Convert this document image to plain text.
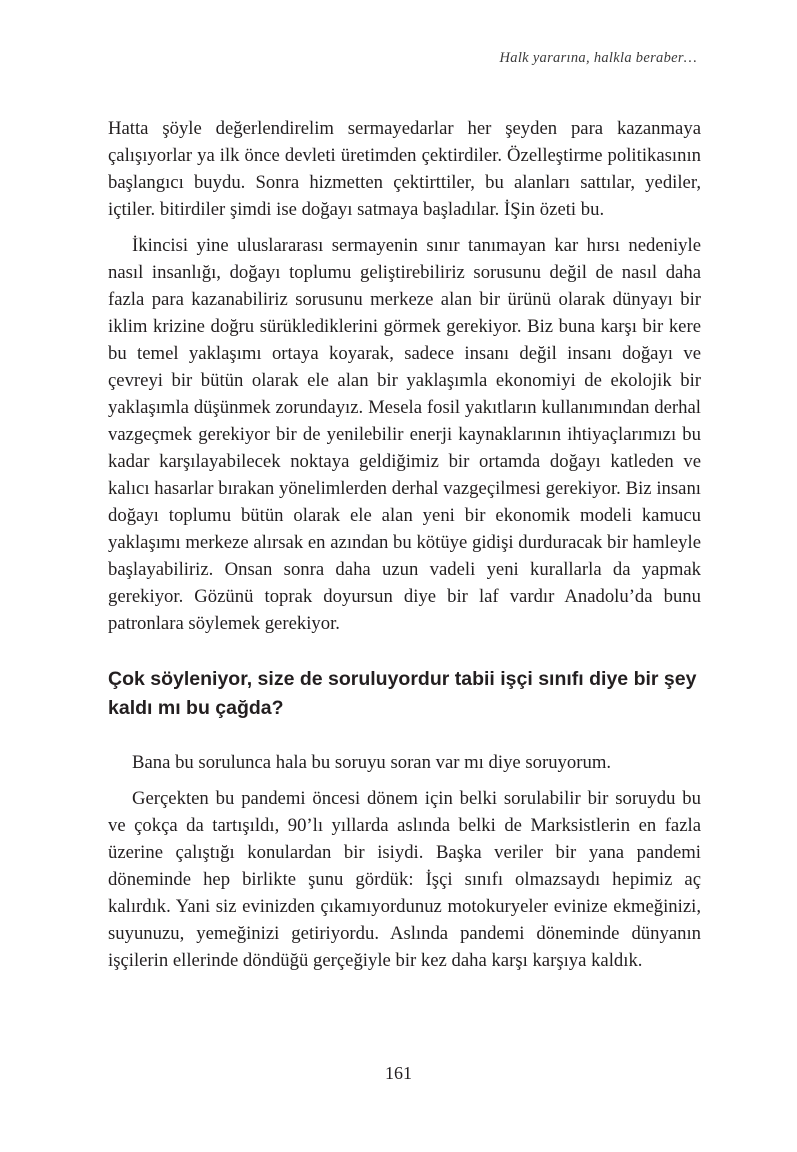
Halk yararına, halkla beraber…

Hatta şöyle değerlendirelim sermayedarlar her şeyden para kazanmaya çalışıyorlar ya ilk önce devleti üretimden çektirdiler. Özelleştirme politikasının başlangıcı buydu. Sonra hizmetten çektirttiler, bu alanları sattılar, yediler, içtiler. bitirdiler şimdi ise doğayı satmaya başladılar. İŞin özeti bu.

İkincisi yine uluslararası sermayenin sınır tanımayan kar hırsı nedeniyle nasıl insanlığı, doğayı toplumu geliştirebiliriz sorusunu değil de nasıl daha fazla para kazanabiliriz sorusunu merkeze alan bir ürünü olarak dünyayı bir iklim krizine doğru sürüklediklerini görmek gerekiyor. Biz buna karşı bir kere bu temel yaklaşımı ortaya koyarak, sadece insanı değil insanı doğayı ve çevreyi bir bütün olarak ele alan bir yaklaşımla ekonomiyi de ekolojik bir yaklaşımla düşünmek zorundayız. Mesela fosil yakıtların kullanımından derhal vazgeçmek gerekiyor bir de yenilebilir enerji kaynaklarının ihtiyaçlarımızı bu kadar karşılayabilecek noktaya geldiğimiz bir ortamda doğayı katleden ve kalıcı hasarlar bırakan yönelimlerden derhal vazgeçilmesi gerekiyor. Biz insanı doğayı toplumu bütün olarak ele alan yeni bir ekonomik modeli kamucu yaklaşımı merkeze alırsak en azından bu kötüye gidişi durduracak bir hamleyle başlayabiliriz. Onsan sonra daha uzun vadeli yeni kurallarla da yapmak gerekiyor. Gözünü toprak doyursun diye bir laf vardır Anadolu’da bunu patronlara söylemek gerekiyor.

Çok söyleniyor, size de soruluyordur tabii işçi sınıfı diye bir şey kaldı mı bu çağda?

Bana bu sorulunca hala bu soruyu soran var mı diye soruyorum.

Gerçekten bu pandemi öncesi dönem için belki sorulabilir bir soruydu bu ve çokça da tartışıldı, 90’lı yıllarda aslında belki de Marksistlerin en fazla üzerine çalıştığı konulardan bir isiydi. Başka veriler bir yana pandemi döneminde hep birlikte şunu gördük: İşçi sınıfı olmazsaydı hepimiz aç kalırdık. Yani siz evinizden çıkamıyordunuz motokuryeler evinize ekmeğinizi, suyunuzu, yemeğinizi getiriyordu. Aslında pandemi döneminde dünyanın işçilerin ellerinde döndüğü gerçeğiyle bir kez daha karşı karşıya kaldık.

161
